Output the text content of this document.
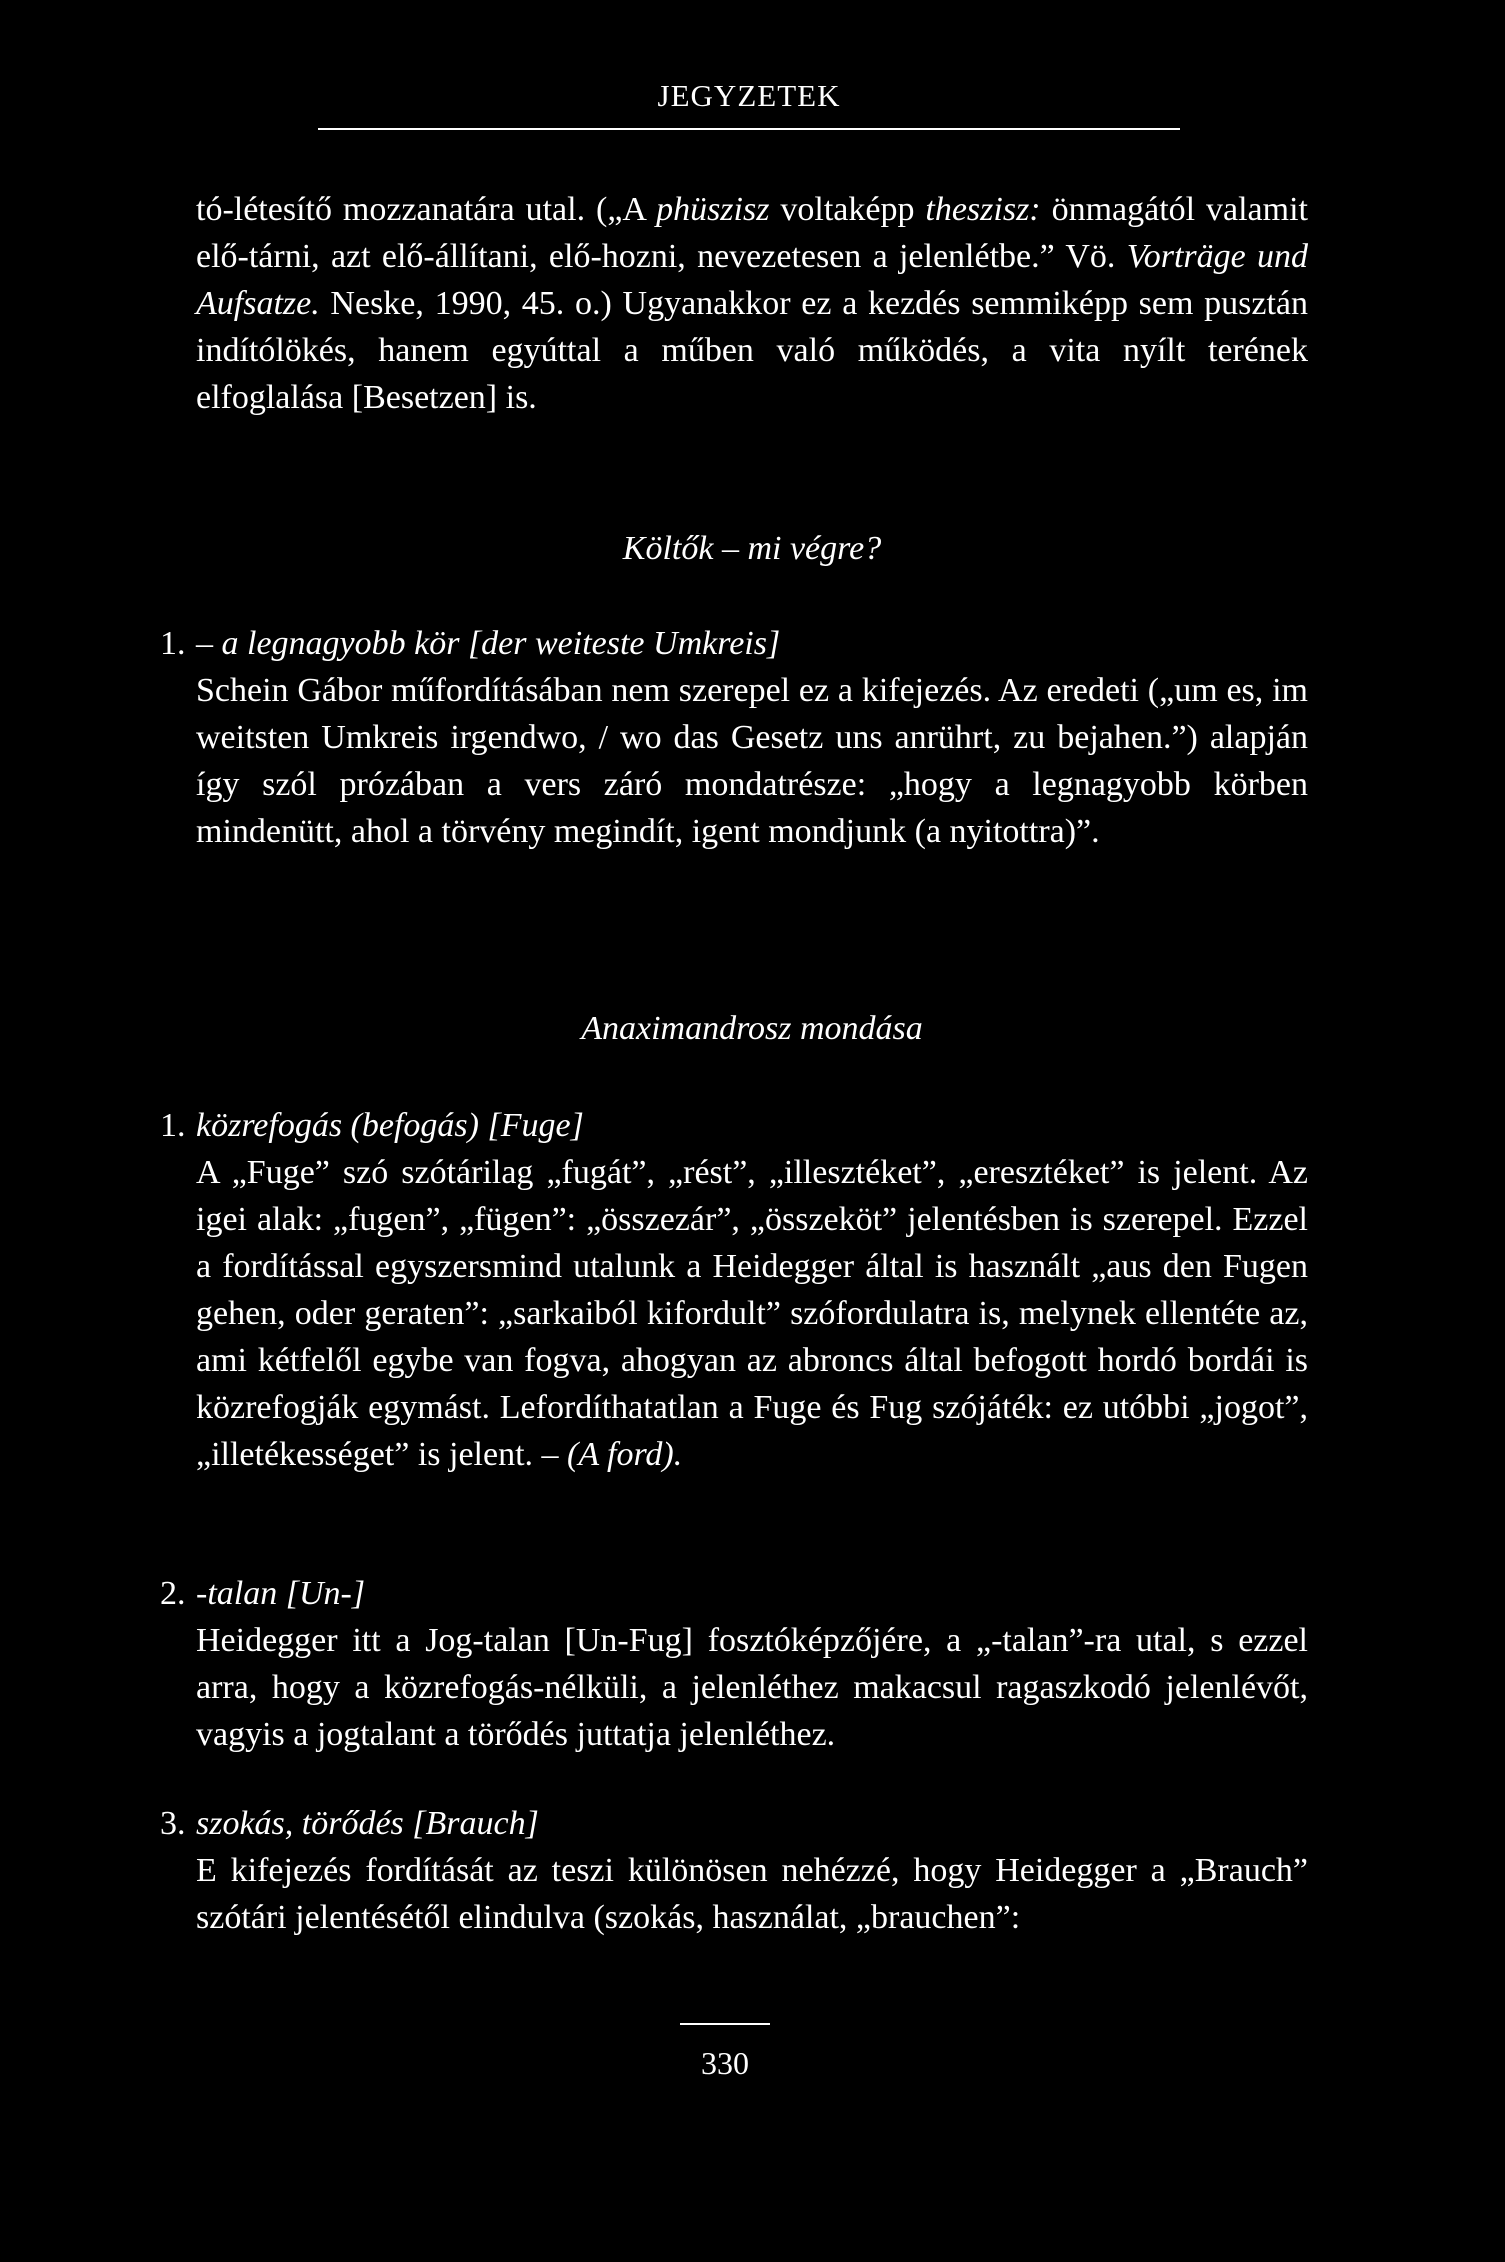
JEGYZETEK

tó-létesítő mozzanatára utal. („A phüszisz voltaképp theszisz: önmagától valamit elő-tárni, azt elő-állítani, elő-hozni, nevezetesen a jelenlétbe.” Vö. Vorträge und Aufsatze. Neske, 1990, 45. o.) Ugyanakkor ez a kezdés semmiképp sem pusztán indítólökés, hanem egyúttal a műben való működés, a vita nyílt terének elfoglalása [Besetzen] is.

Költők – mi végre?
1. – a legnagyobb kör [der weiteste Umkreis]
Schein Gábor műfordításában nem szerepel ez a kifejezés. Az eredeti („um es, im weitsten Umkreis irgendwo, / wo das Gesetz uns anrührt, zu bejahen.”) alapján így szól prózában a vers záró mondatrésze: „hogy a legnagyobb körben mindenütt, ahol a törvény megindít, igent mondjunk (a nyitottra)”.
Anaximandrosz mondása
1. közrefogás (befogás) [Fuge]
A „Fuge” szó szótárilag „fugát”, „rést”, „illesztéket”, „eresztéket” is jelent. Az igei alak: „fugen”, „fügen”: „összezár”, „összeköt” jelentésben is szerepel. Ezzel a fordítással egyszersmind utalunk a Heidegger által is használt „aus den Fugen gehen, oder geraten”: „sarkaiból kifordult” szófordulatra is, melynek ellentéte az, ami kétfelől egybe van fogva, ahogyan az abroncs által befogott hordó bordái is közrefogják egymást. Lefordíthatatlan a Fuge és Fug szójáték: ez utóbbi „jogot”, „illetékességet” is jelent. – (A ford).
2. -talan [Un-]
Heidegger itt a Jog-talan [Un-Fug] fosztóképzőjére, a „-talan”-ra utal, s ezzel arra, hogy a közrefogás-nélküli, a jelenléthez makacsul ragaszkodó jelenlévőt, vagyis a jogtalant a törődés juttatja jelenléthez.
3. szokás, törődés [Brauch]
E kifejezés fordítását az teszi különösen nehézzé, hogy Heidegger a „Brauch” szótári jelentésétől elindulva (szokás, használat, „brauchen”:
330
